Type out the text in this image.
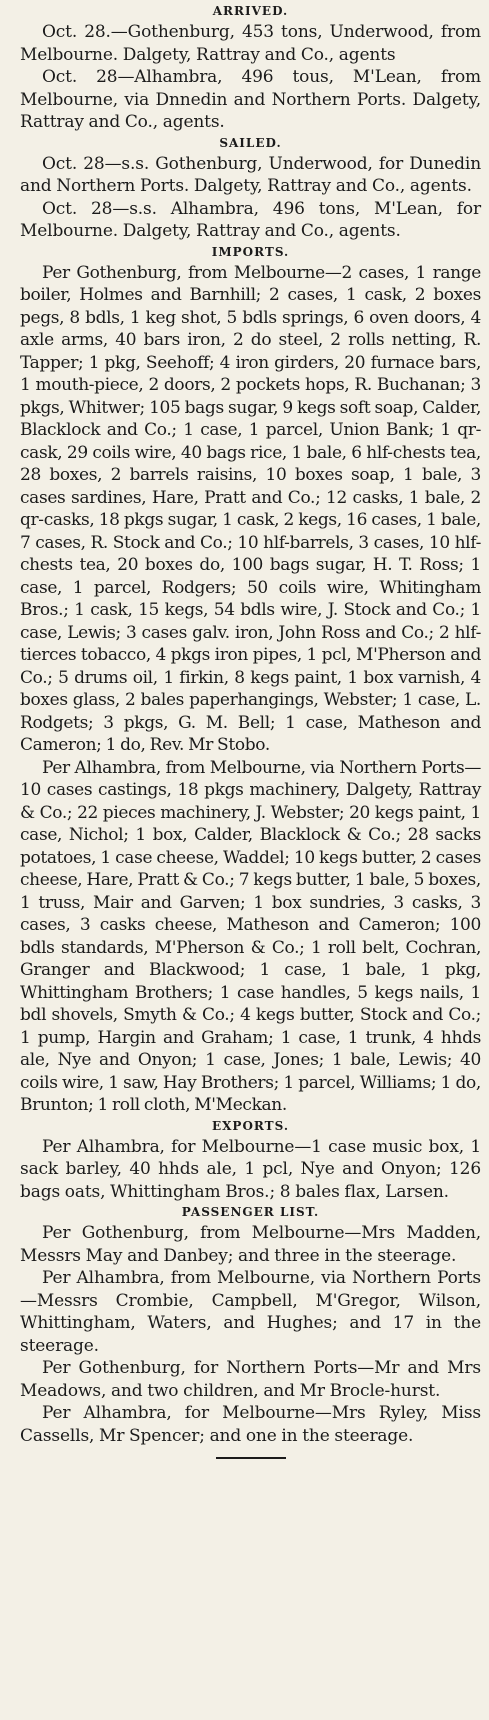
ARRIVED.

Oct. 28.—Gothenburg, 453 tons, Underwood, from Melbourne. Dalgety, Rattray and Co., agents

Oct. 28—Alhambra, 496 tous, M'Lean, from Melbourne, via Dnnedin and Northern Ports. Dalgety, Rattray and Co., agents.

SAILED.

Oct. 28—s.s. Gothenburg, Underwood, for Dunedin and Northern Ports. Dalgety, Rattray and Co., agents.

Oct. 28—s.s. Alhambra, 496 tons, M'Lean, for Melbourne. Dalgety, Rattray and Co., agents.

IMPORTS.

Per Gothenburg, from Melbourne—2 cases, 1 range boiler, Holmes and Barnhill; 2 cases, 1 cask, 2 boxes pegs, 8 bdls, 1 keg shot, 5 bdls springs, 6 oven doors, 4 axle arms, 40 bars iron, 2 do steel, 2 rolls netting, R. Tapper; 1 pkg, Seehoff; 4 iron girders, 20 furnace bars, 1 mouth-piece, 2 doors, 2 pockets hops, R. Buchanan; 3 pkgs, Whitwer; 105 bags sugar, 9 kegs soft soap, Calder, Blacklock and Co.; 1 case, 1 parcel, Union Bank; 1 qr-cask, 29 coils wire, 40 bags rice, 1 bale, 6 hlf-chests tea, 28 boxes, 2 barrels raisins, 10 boxes soap, 1 bale, 3 cases sardines, Hare, Pratt and Co.; 12 casks, 1 bale, 2 qr-casks, 18 pkgs sugar, 1 cask, 2 kegs, 16 cases, 1 bale, 7 cases, R. Stock and Co.; 10 hlf-barrels, 3 cases, 10 hlf-chests tea, 20 boxes do, 100 bags sugar, H. T. Ross; 1 case, 1 parcel, Rodgers; 50 coils wire, Whitingham Bros.; 1 cask, 15 kegs, 54 bdls wire, J. Stock and Co.; 1 case, Lewis; 3 cases galv. iron, John Ross and Co.; 2 hlf-tierces tobacco, 4 pkgs iron pipes, 1 pcl, M'Pherson and Co.; 5 drums oil, 1 firkin, 8 kegs paint, 1 box varnish, 4 boxes glass, 2 bales paperhangings, Webster; 1 case, L. Rodgets; 3 pkgs, G. M. Bell; 1 case, Matheson and Cameron; 1 do, Rev. Mr Stobo.

Per Alhambra, from Melbourne, via Northern Ports—10 cases castings, 18 pkgs machinery, Dalgety, Rattray & Co.; 22 pieces machinery, J. Webster; 20 kegs paint, 1 case, Nichol; 1 box, Calder, Blacklock & Co.; 28 sacks potatoes, 1 case cheese, Waddel; 10 kegs butter, 2 cases cheese, Hare, Pratt & Co.; 7 kegs butter, 1 bale, 5 boxes, 1 truss, Mair and Garven; 1 box sundries, 3 casks, 3 cases, 3 casks cheese, Matheson and Cameron; 100 bdls standards, M'Pherson & Co.; 1 roll belt, Cochran, Granger and Blackwood; 1 case, 1 bale, 1 pkg, Whittingham Brothers; 1 case handles, 5 kegs nails, 1 bdl shovels, Smyth & Co.; 4 kegs butter, Stock and Co.; 1 pump, Hargin and Graham; 1 case, 1 trunk, 4 hhds ale, Nye and Onyon; 1 case, Jones; 1 bale, Lewis; 40 coils wire, 1 saw, Hay Brothers; 1 parcel, Williams; 1 do, Brunton; 1 roll cloth, M'Meckan.

EXPORTS.

Per Alhambra, for Melbourne—1 case music box, 1 sack barley, 40 hhds ale, 1 pcl, Nye and Onyon; 126 bags oats, Whittingham Bros.; 8 bales flax, Larsen.

PASSENGER LIST.

Per Gothenburg, from Melbourne—Mrs Madden, Messrs May and Danbey; and three in the steerage.

Per Alhambra, from Melbourne, via Northern Ports—Messrs Crombie, Campbell, M'Gregor, Wilson, Whittingham, Waters, and Hughes; and 17 in the steerage.

Per Gothenburg, for Northern Ports—Mr and Mrs Meadows, and two children, and Mr Brocle-hurst.

Per Alhambra, for Melbourne—Mrs Ryley, Miss Cassells, Mr Spencer; and one in the steerage.
